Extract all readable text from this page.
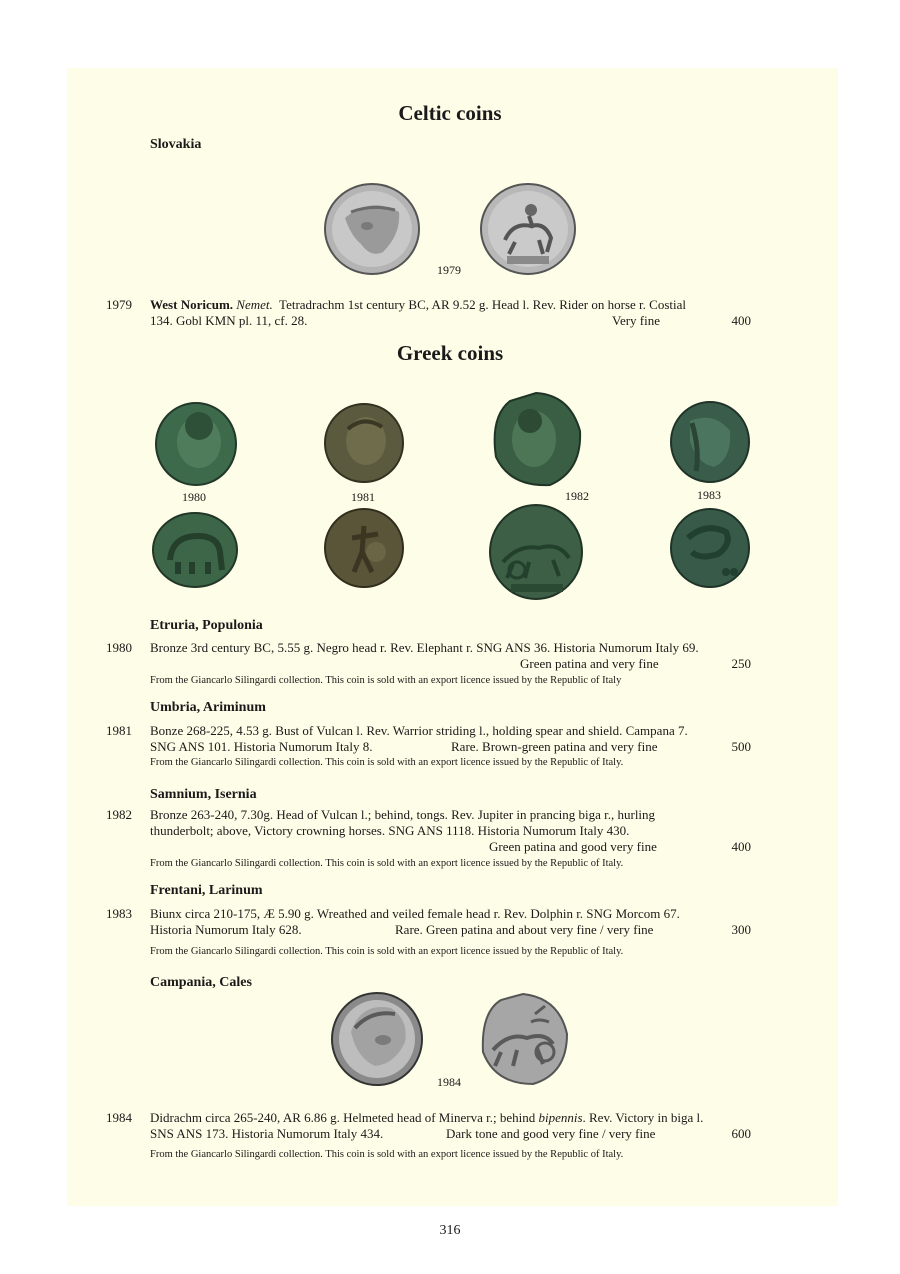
Celtic coins
Slovakia
1979
1979 West Noricum. Nemet. Tetradrachm 1st century BC, AR 9.52 g. Head l. Rev. Rider on horse r. Costial
134. Gobl KMN pl. 11, cf. 28.	Very fine	400
Greek coins
1980	1981	1982	1983
Etruria, Populonia
1980 Bronze 3rd century BC, 5.55 g. Negro head r. Rev. Elephant r. SNG ANS 36. Historia Numorum Italy 69.
Green patina and very fine	250
From the Giancarlo Silingardi collection. This coin is sold with an export licence issued by the Republic of Italy
Umbria, Ariminum
1981 Bonze 268-225, 4.53 g. Bust of Vulcan l. Rev. Warrior striding l., holding spear and shield. Campana 7.
SNG ANS 101. Historia Numorum Italy 8.	Rare. Brown-green patina and very fine	500
From the Giancarlo Silingardi collection. This coin is sold with an export licence issued by the Republic of Italy.
Samnium, Isernia
1982 Bronze 263-240, 7.30g. Head of Vulcan l.; behind, tongs. Rev. Jupiter in prancing biga r., hurling
thunderbolt; above, Victory crowning horses. SNG ANS 1118. Historia Numorum Italy 430.
Green patina and good very fine	400
From the Giancarlo Silingardi collection. This coin is sold with an export licence issued by the Republic of Italy.
Frentani, Larinum
1983 Biunx circa 210-175, Æ 5.90 g. Wreathed and veiled female head r. Rev. Dolphin r. SNG Morcom 67.
Historia Numorum Italy 628.	Rare. Green patina and about very fine / very fine	300
From the Giancarlo Silingardi collection. This coin is sold with an export licence issued by the Republic of Italy.
Campania, Cales
1984
1984 Didrachm circa 265-240, AR 6.86 g. Helmeted head of Minerva r.; behind bipennis. Rev. Victory in biga l.
SNS ANS 173. Historia Numorum Italy 434.	Dark tone and good very fine / very fine	600
From the Giancarlo Silingardi collection. This coin is sold with an export licence issued by the Republic of Italy.
316
